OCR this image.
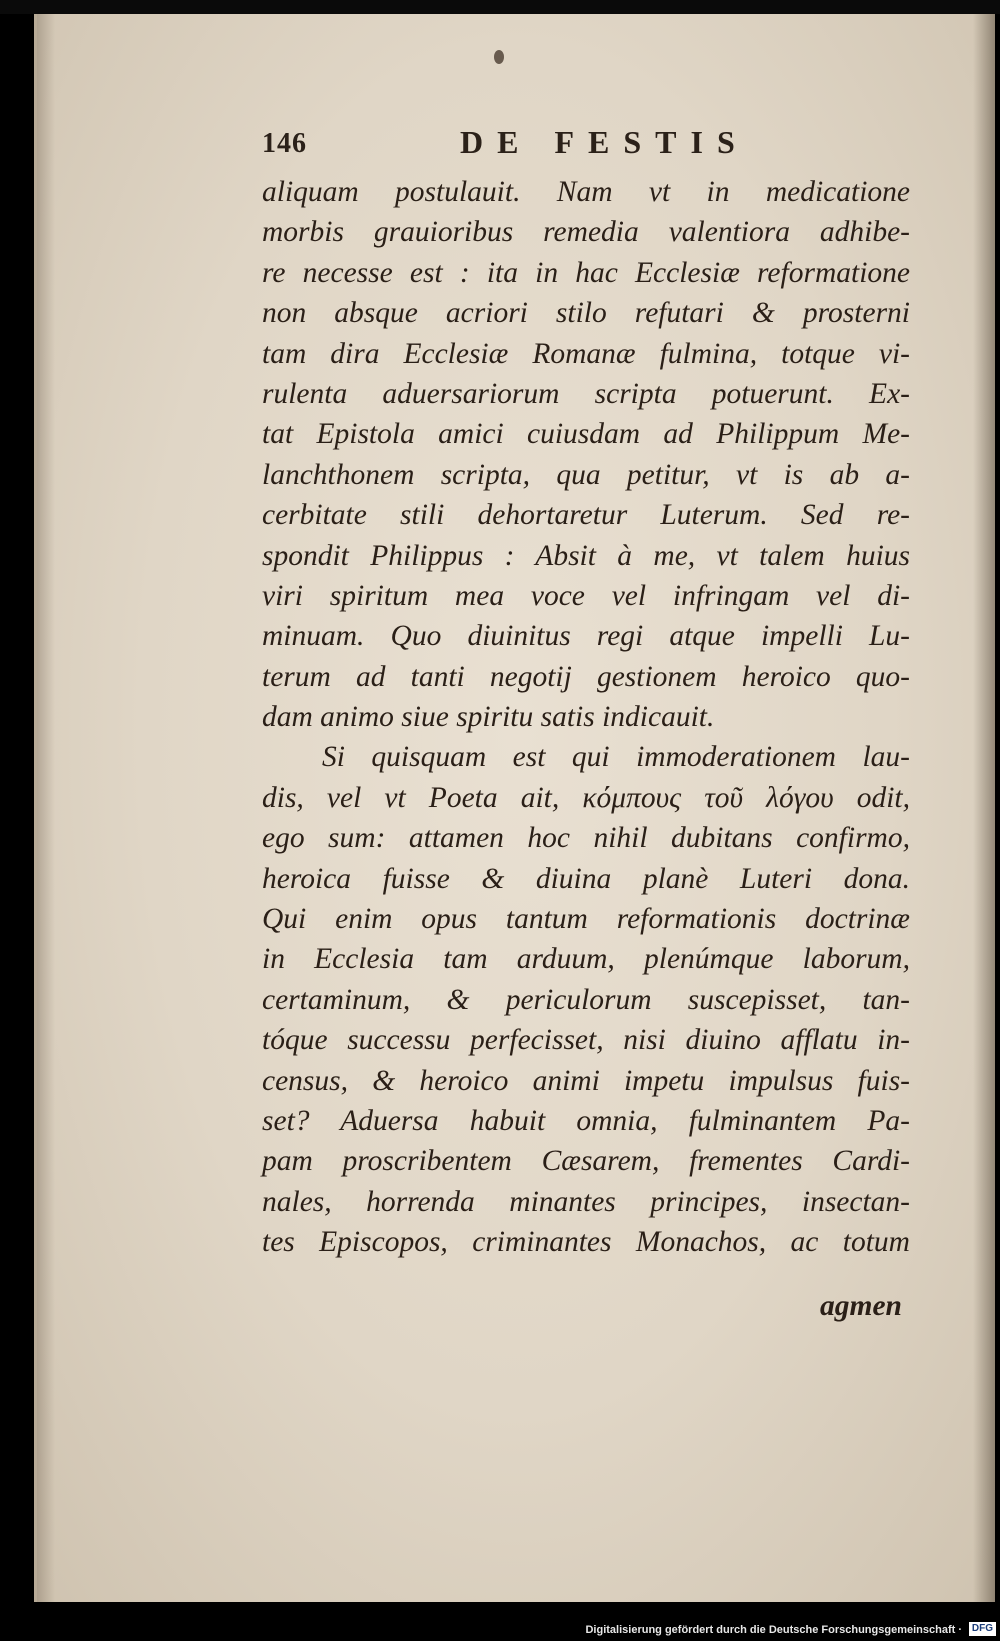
146	DE FESTIS
aliquam postulauit. Nam vt in medicatione
morbis grauioribus remedia valentiora adhibe-
re necesse est : ita in hac Ecclesiæ reformatione
non absque acriori stilo refutari & prosterni
tam dira Ecclesiæ Romanæ fulmina, totque vi-
rulenta aduersariorum scripta potuerunt. Ex-
tat Epistola amici cuiusdam ad Philippum Me-
lanchthonem scripta, qua petitur, vt is ab a-
cerbitate stili dehortaretur Luterum. Sed re-
spondit Philippus : Absit à me, vt talem huius
viri spiritum mea voce vel infringam vel di-
minuam. Quo diuinitus regi atque impelli Lu-
terum ad tanti negotij gestionem heroico quo-
dam animo siue spiritu satis indicauit.
Si quisquam est qui immoderationem lau-
dis, vel vt Poeta ait, κόμπους τοῦ λόγου odit,
ego sum: attamen hoc nihil dubitans confirmo,
heroica fuisse & diuina planè Luteri dona.
Qui enim opus tantum reformationis doctrinæ
in Ecclesia tam arduum, plenúmque laborum,
certaminum, & periculorum suscepisset, tan-
tóque successu perfecisset, nisi diuino afflatu in-
census, & heroico animi impetu impulsus fuis-
set? Aduersa habuit omnia, fulminantem Pa-
pam proscribentem Cæsarem, frementes Cardi-
nales, horrenda minantes principes, insectan-
tes Episcopos, criminantes Monachos, ac totum
agmen
Digitalisierung gefördert durch die Deutsche Forschungsgemeinschaft · DFG
